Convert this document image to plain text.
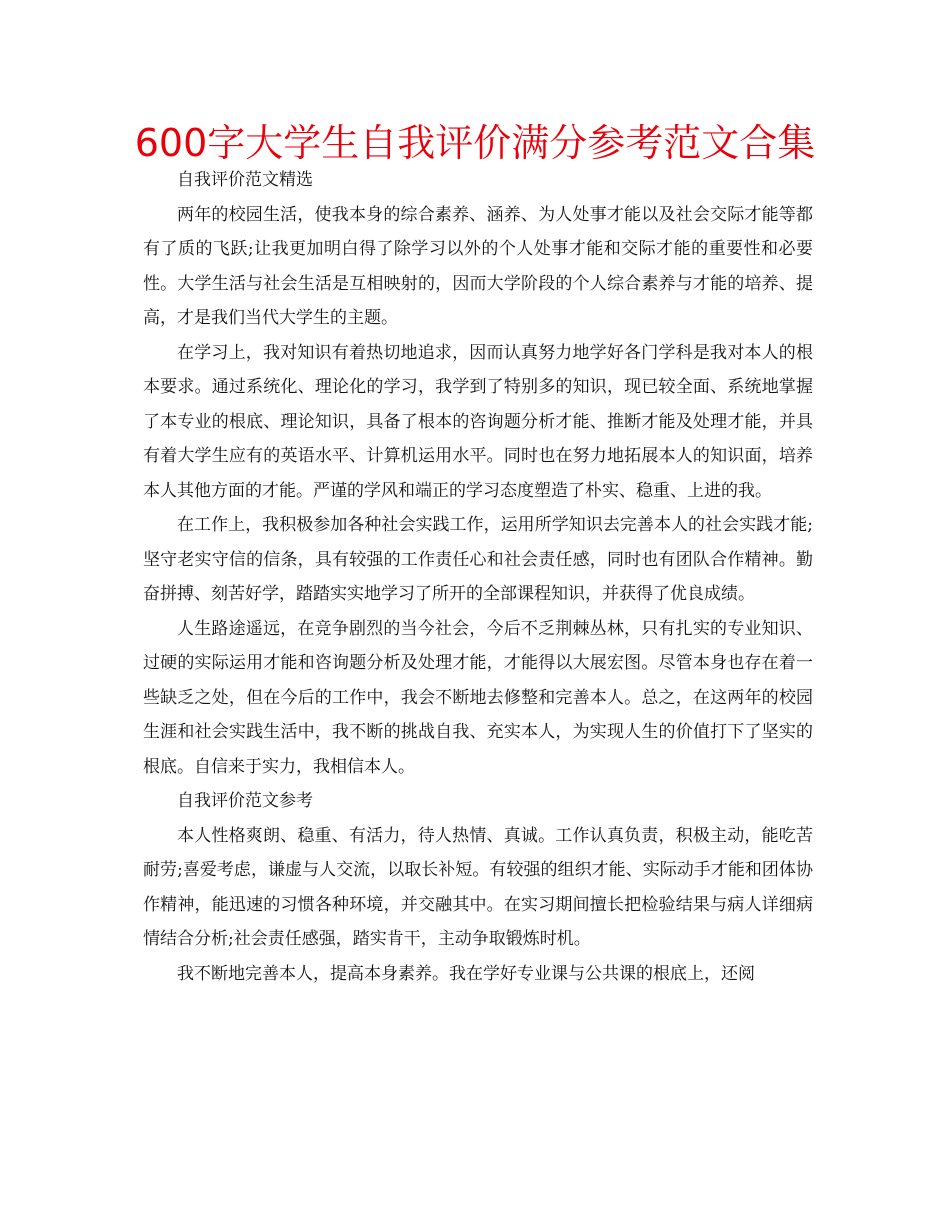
600字大学生自我评价满分参考范文合集

自我评价范文精选

两年的校园生活，使我本身的综合素养、涵养、为人处事才能以及社会交际才能等都有了质的飞跃;让我更加明白得了除学习以外的个人处事才能和交际才能的重要性和必要性。大学生活与社会生活是互相映射的，因而大学阶段的个人综合素养与才能的培养、提高，才是我们当代大学生的主题。

在学习上，我对知识有着热切地追求，因而认真努力地学好各门学科是我对本人的根本要求。通过系统化、理论化的学习，我学到了特别多的知识，现已较全面、系统地掌握了本专业的根底、理论知识，具备了根本的咨询题分析才能、推断才能及处理才能，并具有着大学生应有的英语水平、计算机运用水平。同时也在努力地拓展本人的知识面，培养本人其他方面的才能。严谨的学风和端正的学习态度塑造了朴实、稳重、上进的我。

在工作上，我积极参加各种社会实践工作，运用所学知识去完善本人的社会实践才能;坚守老实守信的信条，具有较强的工作责任心和社会责任感，同时也有团队合作精神。勤奋拼搏、刻苦好学，踏踏实实地学习了所开的全部课程知识，并获得了优良成绩。

人生路途遥远，在竞争剧烈的当今社会，今后不乏荆棘丛林，只有扎实的专业知识、过硬的实际运用才能和咨询题分析及处理才能，才能得以大展宏图。尽管本身也存在着一些缺乏之处，但在今后的工作中，我会不断地去修整和完善本人。总之，在这两年的校园生涯和社会实践生活中，我不断的挑战自我、充实本人，为实现人生的价值打下了坚实的根底。自信来于实力，我相信本人。

自我评价范文参考

本人性格爽朗、稳重、有活力，待人热情、真诚。工作认真负责，积极主动，能吃苦耐劳;喜爱考虑，谦虚与人交流，以取长补短。有较强的组织才能、实际动手才能和团体协作精神，能迅速的习惯各种环境，并交融其中。在实习期间擅长把检验结果与病人详细病情结合分析;社会责任感强，踏实肯干，主动争取锻炼时机。

我不断地完善本人，提高本身素养。我在学好专业课与公共课的根底上，还阅
